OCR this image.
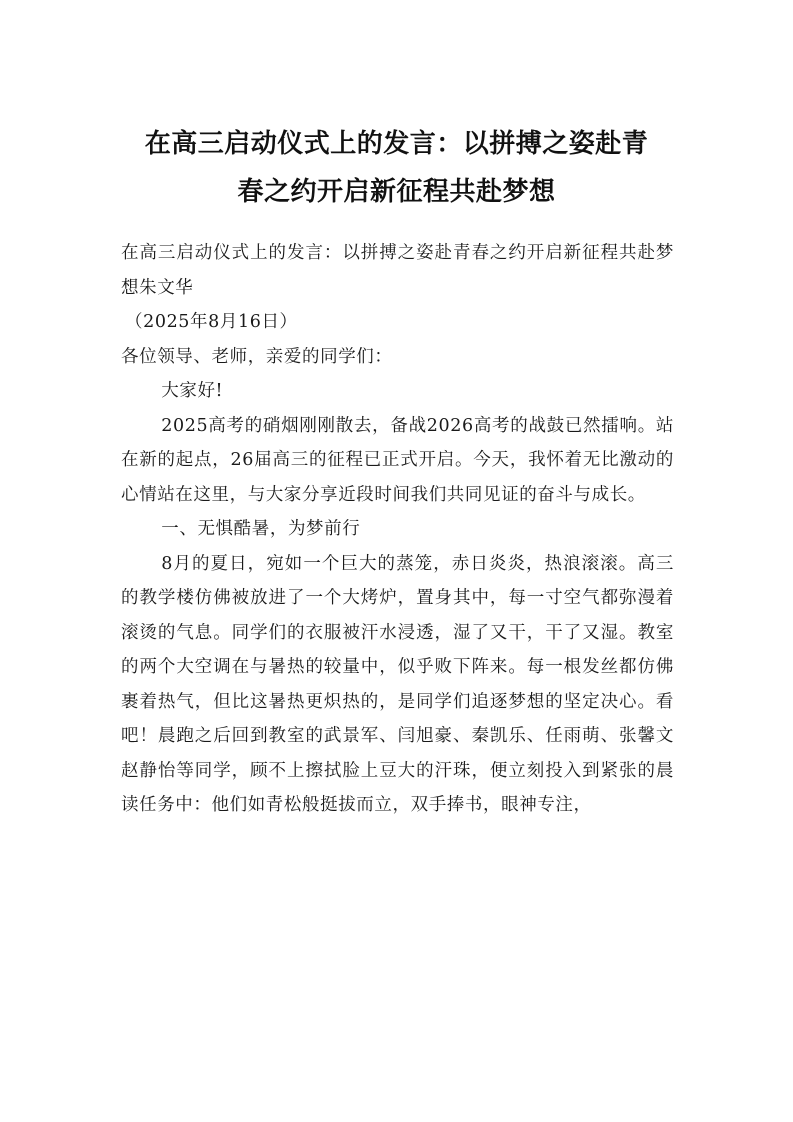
在高三启动仪式上的发言：以拼搏之姿赴青
春之约开启新征程共赴梦想

在高三启动仪式上的发言：以拼搏之姿赴青春之约开启新征程共赴梦想朱文华

（2025年8月16日）

各位领导、老师，亲爱的同学们：

大家好!

2025高考的硝烟刚刚散去，备战2026高考的战鼓已然擂响。站在新的起点，26届高三的征程已正式开启。今天，我怀着无比激动的心情站在这里，与大家分享近段时间我们共同见证的奋斗与成长。

一、无惧酷暑，为梦前行

8月的夏日，宛如一个巨大的蒸笼，赤日炎炎，热浪滚滚。高三的教学楼仿佛被放进了一个大烤炉，置身其中，每一寸空气都弥漫着滚烫的气息。同学们的衣服被汗水浸透，湿了又干，干了又湿。教室的两个大空调在与暑热的较量中，似乎败下阵来。每一根发丝都仿佛裹着热气，但比这暑热更炽热的，是同学们追逐梦想的坚定决心。看吧！晨跑之后回到教室的武景军、闫旭豪、秦凯乐、任雨萌、张馨文赵静怡等同学，顾不上擦拭脸上豆大的汗珠，便立刻投入到紧张的晨读任务中：他们如青松般挺拔而立，双手捧书，眼神专注，
